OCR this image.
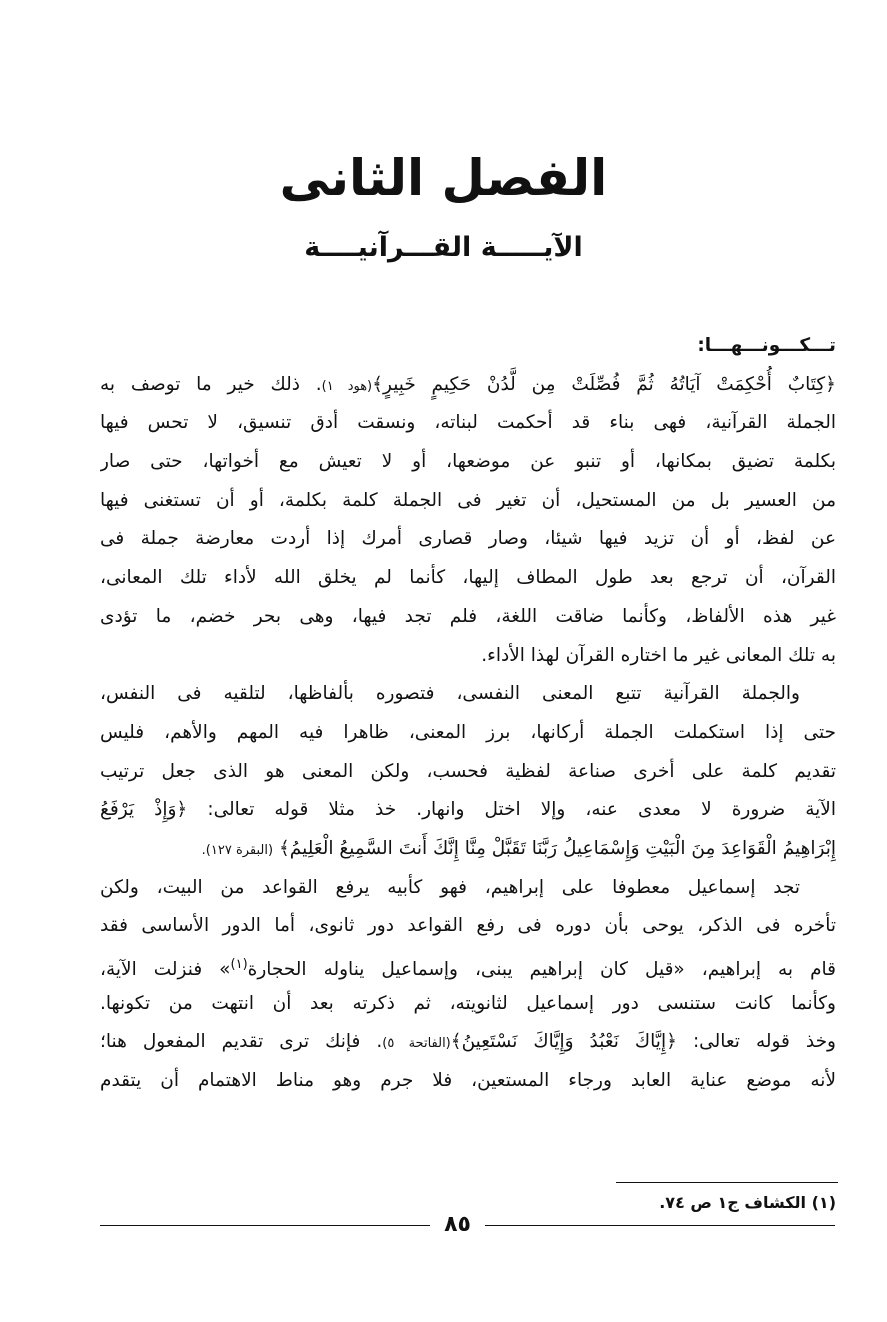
الفصل الثانى
الآيـــــة القـــرآنيــــة
تـــكـــونـــهـــا:
﴿كِتَابٌ أُحْكِمَتْ آيَاتُهُ ثُمَّ فُصِّلَتْ مِن لَّدُنْ حَكِيمٍ خَبِيرٍ﴾(هود ١). ذلك خير ما توصف به
الجملة القرآنية، فهى بناء قد أحكمت لبناته، ونسقت أدق تنسيق، لا تحس فيها
بكلمة تضيق بمكانها، أو تنبو عن موضعها، أو لا تعيش مع أخواتها، حتى صار
من العسير بل من المستحيل، أن تغير فى الجملة كلمة بكلمة، أو أن تستغنى فيها
عن لفظ، أو أن تزيد فيها شيئا، وصار قصارى أمرك إذا أردت معارضة جملة فى
القرآن، أن ترجع بعد طول المطاف إليها، كأنما لم يخلق الله لأداء تلك المعانى،
غير هذه الألفاظ، وكأنما ضاقت اللغة، فلم تجد فيها، وهى بحر خضم، ما تؤدى
به تلك المعانى غير ما اختاره القرآن لهذا الأداء.
والجملة القرآنية تتبع المعنى النفسى، فتصوره بألفاظها، لتلقيه فى النفس،
حتى إذا استكملت الجملة أركانها، برز المعنى، ظاهرا فيه المهم والأهم، فليس
تقديم كلمة على أخرى صناعة لفظية فحسب، ولكن المعنى هو الذى جعل ترتيب
الآية ضرورة لا معدى عنه، وإلا اختل وانهار. خذ مثلا قوله تعالى: ﴿وَإِذْ يَرْفَعُ
إِبْرَاهِيمُ الْقَوَاعِدَ مِنَ الْبَيْتِ وَإِسْمَاعِيلُ رَبَّنَا تَقَبَّلْ مِنَّا إِنَّكَ أَنتَ السَّمِيعُ الْعَلِيمُ﴾ (البقرة ١٢٧).
تجد إسماعيل معطوفا على إبراهيم، فهو كأبيه يرفع القواعد من البيت، ولكن
تأخره فى الذكر، يوحى بأن دوره فى رفع القواعد دور ثانوى، أما الدور الأساسى فقد
قام به إبراهيم، «قيل كان إبراهيم يبنى، وإسماعيل يناوله الحجارة$^{(١)}$» فنزلت الآية،
وكأنما كانت ستنسى دور إسماعيل لثانويته، ثم ذكرته بعد أن انتهت من تكونها.
وخذ قوله تعالى: ﴿إِيَّاكَ نَعْبُدُ وَإِيَّاكَ نَسْتَعِينُ﴾(الفاتحة ٥). فإنك ترى تقديم المفعول هنا؛
لأنه موضع عناية العابد ورجاء المستعين، فلا جرم وهو مناط الاهتمام أن يتقدم
(١) الكشاف ج١ ص ٧٤.
٨٥
